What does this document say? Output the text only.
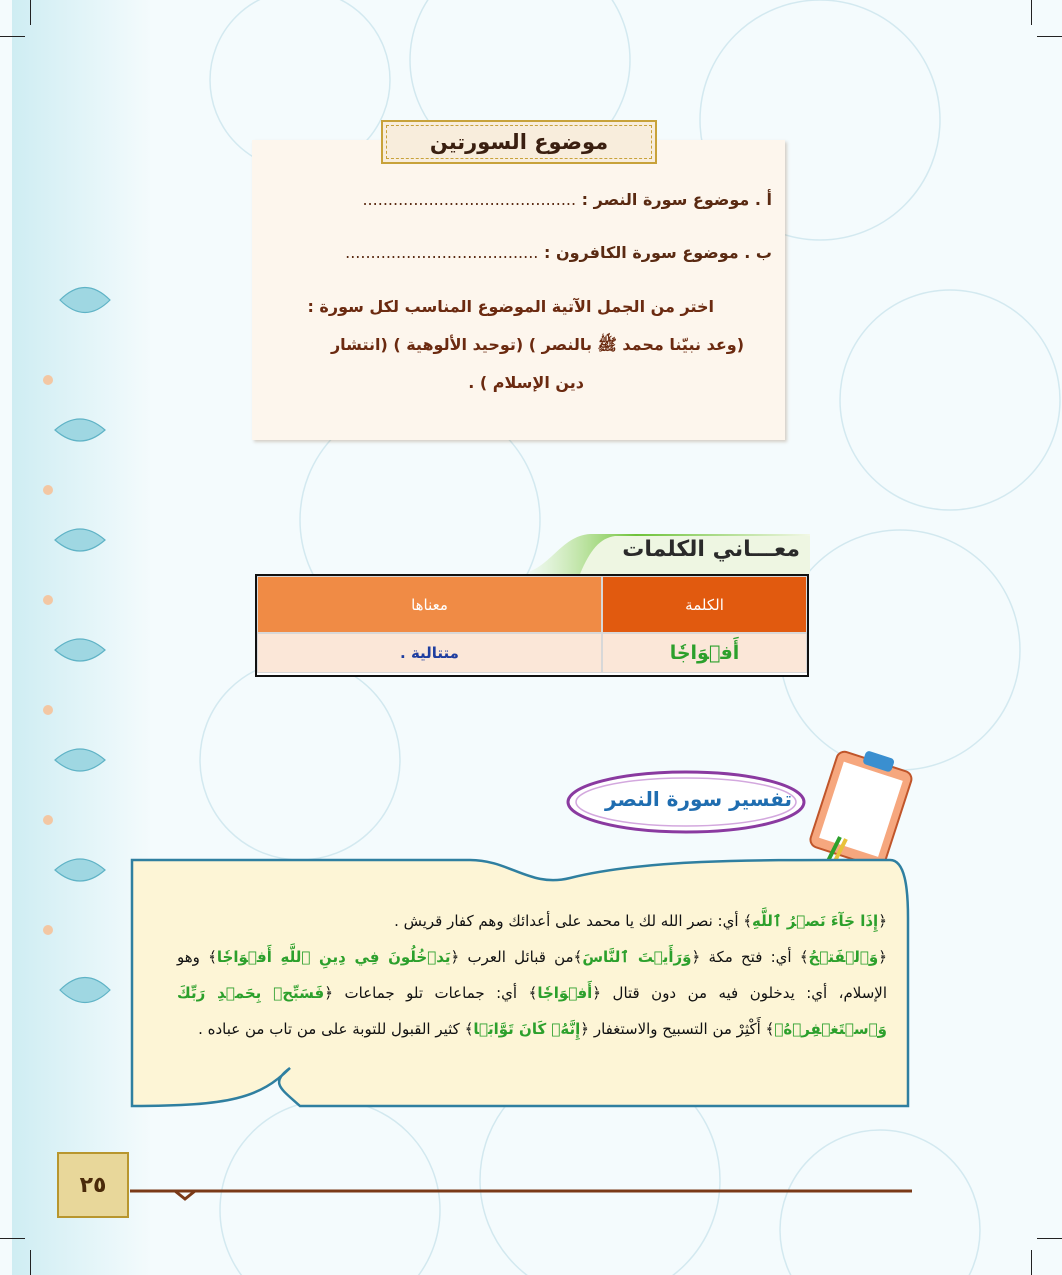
موضوع السورتين
أ . موضوع سورة النصر : ..........................................
ب . موضوع سورة الكافرون : ......................................
اختر من الجمل الآتية الموضوع المناسب لكل سورة :
(وعد نبيّنا محمد ﷺ بالنصر ) (توحيد الألوهية ) (انتشار
دين الإسلام ) .
معـــاني الكلمات
الكلمة
معناها
أَفۡوَاجٗا
متتالية .
تفسير سورة النصر
﴿إِذَا جَآءَ نَصۡرُ ٱللَّهِ﴾ أي: نصر الله لك يا محمد على أعدائك وهم كفار قريش .
﴿وَٱلۡفَتۡحُ﴾ أي: فتح مكة ﴿وَرَأَيۡتَ ٱلنَّاسَ﴾من قبائل العرب ﴿يَدۡخُلُونَ فِي دِينِ ٱللَّهِ أَفۡوَاجٗا﴾ وهو الإسلام، أي: يدخلون فيه من دون قتال ﴿أَفۡوَاجٗا﴾ أي: جماعات تلو جماعات ﴿فَسَبِّحۡ بِحَمۡدِ رَبِّكَ وَٱسۡتَغۡفِرۡهُۚ﴾ أَكْثِرْ من التسبيح والاستغفار ﴿إِنَّهُۥ كَانَ تَوَّابَۢا﴾ كثير القبول للتوبة على من تاب من عباده .
٢٥
